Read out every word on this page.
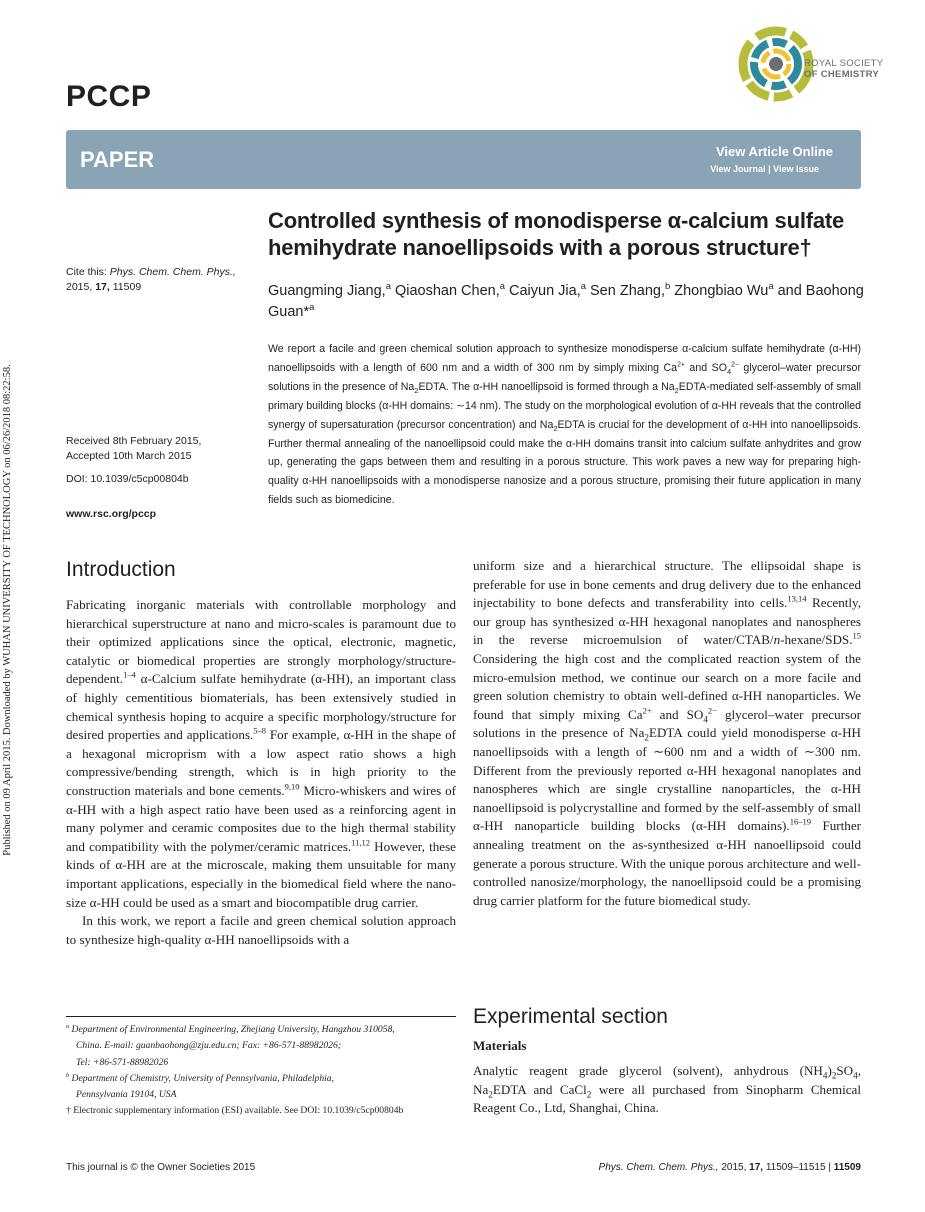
Published on 09 April 2015. Downloaded by WUHAN UNIVERSITY OF TECHNOLOGY on 06/26/2018 08:22:58.
PCCP
ROYAL SOCIETY
OF CHEMISTRY
PAPER	View Article Online
View Journal | View Issue
Controlled synthesis of monodisperse α-calcium sulfate hemihydrate nanoellipsoids with a porous structure†
Cite this: Phys. Chem. Chem. Phys.,
2015, 17, 11509	Guangming Jiang,$^a$ Qiaoshan Chen,$^a$ Caiyun Jia,$^a$ Sen Zhang,$^b$ Zhongbiao Wu$^a$ and Baohong Guan*$^a$
We report a facile and green chemical solution approach to synthesize monodisperse α-calcium sulfate hemihydrate (α-HH) nanoellipsoids with a length of 600 nm and a width of 300 nm by simply mixing $Ca^{2+}$ and $SO_4^{2-}$ glycerol–water precursor solutions in the presence of $Na_2EDTA$. The α-HH nanoellipsoid is formed through a $Na_2EDTA$-mediated self-assembly of small primary building blocks (α-HH domains: ∼14 nm). The study on the morphological evolution of α-HH reveals that the controlled synergy of supersaturation (precursor concentration) and $Na_2EDTA$ is crucial for the development of α-HH into nanoellipsoids. Further thermal annealing of the nanoellipsoid could make the α-HH domains transit into calcium sulfate anhydrites and grow up, generating the gaps between them and resulting in a porous structure. This work paves a new way for preparing high-quality α-HH nanoellipsoids with a monodisperse nanosize and a porous structure, promising their future application in many fields such as biomedicine.
Received 8th February 2015,
Accepted 10th March 2015
DOI: 10.1039/c5cp00804b
www.rsc.org/pccp
Introduction

Fabricating inorganic materials with controllable morphology and hierarchical superstructure at nano and micro-scales is paramount due to their optimized applications since the optical, electronic, magnetic, catalytic or biomedical properties are strongly morphology/structure-dependent.$^{1-4}$ α-Calcium sulfate hemihydrate (α-HH), an important class of highly cementitious biomaterials, has been extensively studied in chemical synthesis hoping to acquire a specific morphology/structure for desired properties and applications.$^{5-8}$ For example, α-HH in the shape of a hexagonal microprism with a low aspect ratio shows a high compressive/bending strength, which is in high priority to the construction materials and bone cements.$^{9,10}$ Micro-whiskers and wires of α-HH with a high aspect ratio have been used as a reinforcing agent in many polymer and ceramic composites due to the high thermal stability and compatibility with the polymer/ceramic matrices.$^{11,12}$ However, these kinds of α-HH are at the microscale, making them unsuitable for many important applications, especially in the biomedical field where the nano-size α-HH could be used as a smart and biocompatible drug carrier.

In this work, we report a facile and green chemical solution approach to synthesize high-quality α-HH nanoellipsoids with a

uniform size and a hierarchical structure. The ellipsoidal shape is preferable for use in bone cements and drug delivery due to the enhanced injectability to bone defects and transferability into cells.$^{13,14}$ Recently, our group has synthesized α-HH hexagonal nanoplates and nanospheres in the reverse microemulsion of water/CTAB/n-hexane/SDS.$^{15}$ Considering the high cost and the complicated reaction system of the micro-emulsion method, we continue our search on a more facile and green solution chemistry to obtain well-defined α-HH nanoparticles. We found that simply mixing $Ca^{2+}$ and $SO_4^{2-}$ glycerol–water precursor solutions in the presence of $Na_2EDTA$ could yield monodisperse α-HH nanoellipsoids with a length of ∼600 nm and a width of ∼300 nm. Different from the previously reported α-HH hexagonal nanoplates and nanospheres which are single crystalline nanoparticles, the α-HH nanoellipsoid is polycrystalline and formed by the self-assembly of small α-HH nanoparticle building blocks (α-HH domains).$^{16-19}$ Further annealing treatment on the as-synthesized α-HH nanoellipsoid could generate a porous structure. With the unique porous architecture and well-controlled nanosize/morphology, the nanoellipsoid could be a promising drug carrier platform for the future biomedical study.

Experimental section
Materials
Analytic reagent grade glycerol (solvent), anhydrous $(NH_4)_2SO_4$, $Na_2EDTA$ and CaCl$_2$ were all purchased from Sinopharm Chemical Reagent Co., Ltd, Shanghai, China.
$^a$ Department of Environmental Engineering, Zhejiang University, Hangzhou 310058,
China. E-mail: guanbaohong@zju.edu.cn; Fax: +86-571-88982026;
Tel: +86-571-88982026
$^b$ Department of Chemistry, University of Pennsylvania, Philadelphia,
Pennsylvania 19104, USA
† Electronic supplementary information (ESI) available. See DOI: 10.1039/c5cp00804b
This journal is © the Owner Societies 2015	Phys. Chem. Chem. Phys., 2015, 17, 11509–11515 | 11509
